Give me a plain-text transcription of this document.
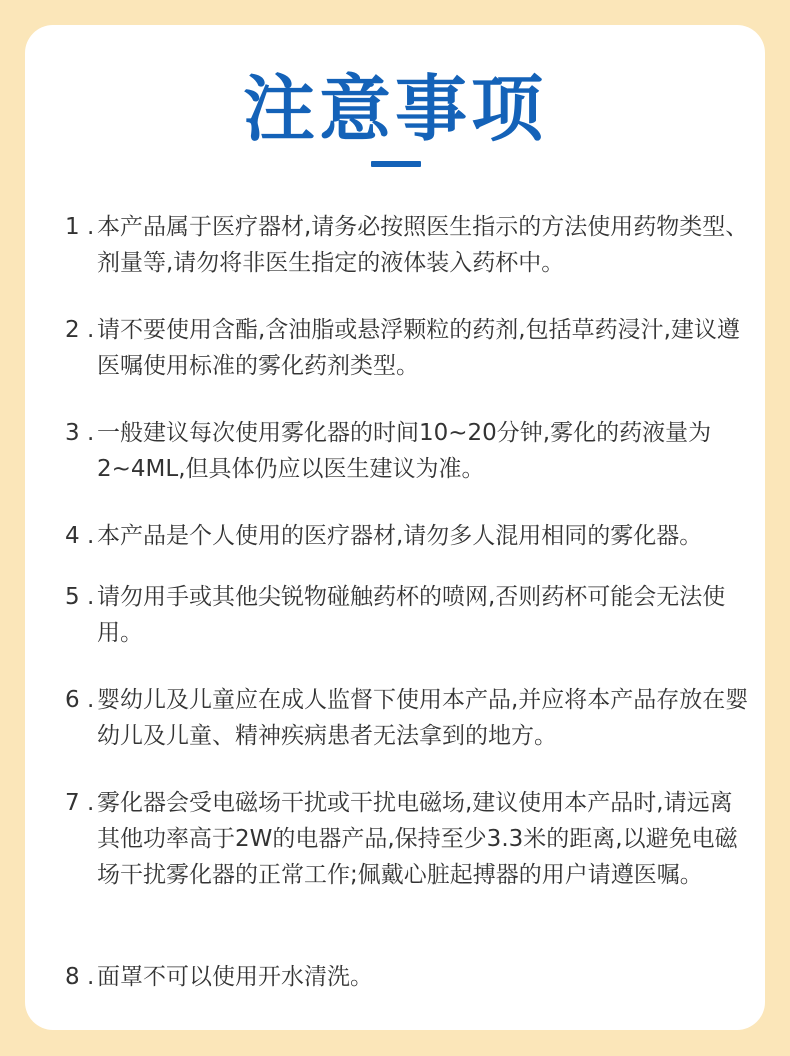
注意事项
1 . 本产品属于医疗器材,请务必按照医生指示的方法使用药物类型、剂量等,请勿将非医生指定的液体装入药杯中。
2 . 请不要使用含酯,含油脂或悬浮颗粒的药剂,包括草药浸汁,建议遵医嘱使用标准的雾化药剂类型。
3 . 一般建议每次使用雾化器的时间10~20分钟,雾化的药液量为2~4ML,但具体仍应以医生建议为准。
4 . 本产品是个人使用的医疗器材,请勿多人混用相同的雾化器。
5 . 请勿用手或其他尖锐物碰触药杯的喷网,否则药杯可能会无法使用。
6 . 婴幼儿及儿童应在成人监督下使用本产品,并应将本产品存放在婴幼儿及儿童、精神疾病患者无法拿到的地方。
7 . 雾化器会受电磁场干扰或干扰电磁场,建议使用本产品时,请远离其他功率高于2W的电器产品,保持至少3.3米的距离,以避免电磁场干扰雾化器的正常工作;佩戴心脏起搏器的用户请遵医嘱。
8 . 面罩不可以使用开水清洗。
